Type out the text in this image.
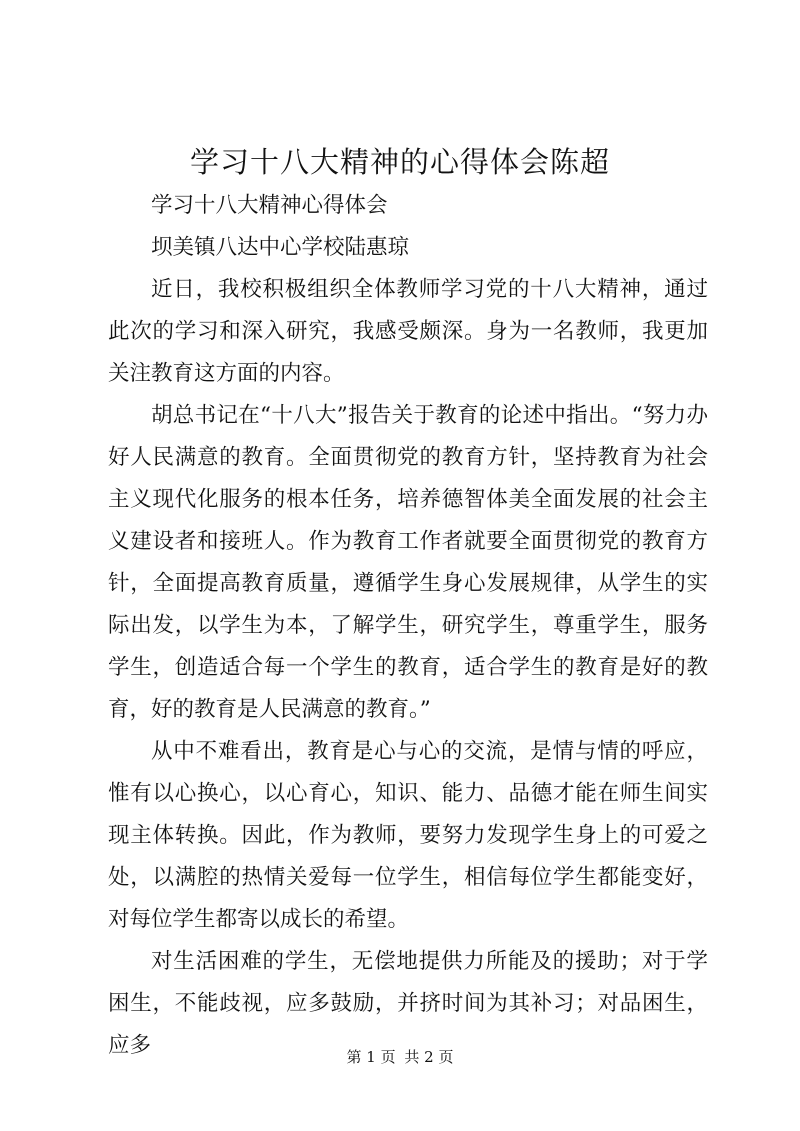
学习十八大精神的心得体会陈超

学习十八大精神心得体会

坝美镇八达中心学校陆惠琼

近日，我校积极组织全体教师学习党的十八大精神，通过此次的学习和深入研究，我感受颇深。身为一名教师，我更加关注教育这方面的内容。

胡总书记在“十八大”报告关于教育的论述中指出。“努力办好人民满意的教育。全面贯彻党的教育方针，坚持教育为社会主义现代化服务的根本任务，培养德智体美全面发展的社会主义建设者和接班人。作为教育工作者就要全面贯彻党的教育方针，全面提高教育质量，遵循学生身心发展规律，从学生的实际出发，以学生为本，了解学生，研究学生，尊重学生，服务学生，创造适合每一个学生的教育，适合学生的教育是好的教育，好的教育是人民满意的教育。”

从中不难看出，教育是心与心的交流，是情与情的呼应，惟有以心换心，以心育心，知识、能力、品德才能在师生间实现主体转换。因此，作为教师，要努力发现学生身上的可爱之处，以满腔的热情关爱每一位学生，相信每位学生都能变好，对每位学生都寄以成长的希望。

对生活困难的学生，无偿地提供力所能及的援助；对于学困生，不能歧视，应多鼓励，并挤时间为其补习；对品困生，应多	第 1 页 共 2 页
